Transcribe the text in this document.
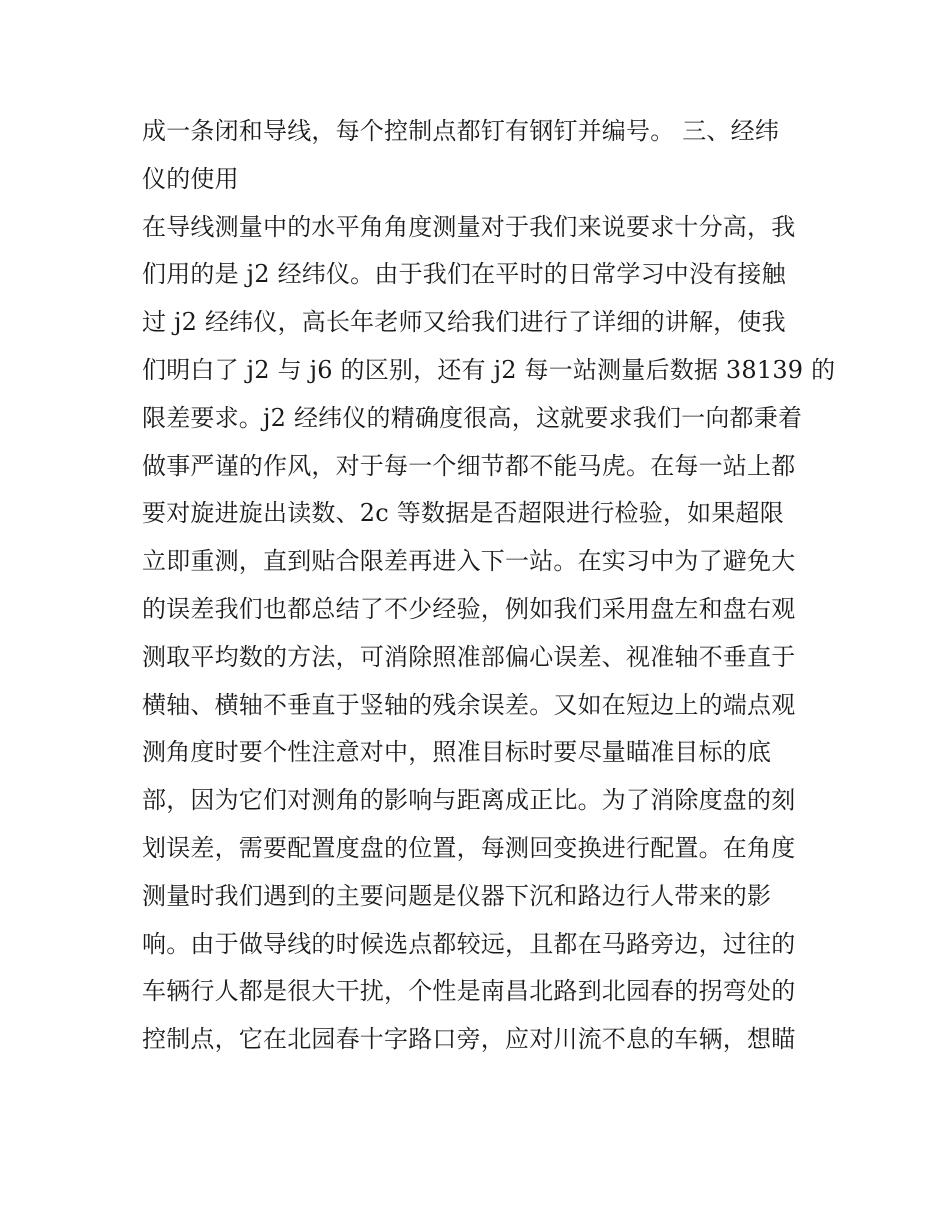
成一条闭和导线，每个控制点都钉有钢钉并编号。 三、经纬
仪的使用
在导线测量中的水平角角度测量对于我们来说要求十分高，我
们用的是 j2 经纬仪。由于我们在平时的日常学习中没有接触
过 j2 经纬仪，高长年老师又给我们进行了详细的讲解，使我
们明白了 j2 与 j6 的区别，还有 j2 每一站测量后数据 38139 的
限差要求。j2 经纬仪的精确度很高，这就要求我们一向都秉着
做事严谨的作风，对于每一个细节都不能马虎。在每一站上都
要对旋进旋出读数、2c 等数据是否超限进行检验，如果超限
立即重测，直到贴合限差再进入下一站。在实习中为了避免大
的误差我们也都总结了不少经验，例如我们采用盘左和盘右观
测取平均数的方法，可消除照准部偏心误差、视准轴不垂直于
横轴、横轴不垂直于竖轴的残余误差。又如在短边上的端点观
测角度时要个性注意对中，照准目标时要尽量瞄准目标的底
部，因为它们对测角的影响与距离成正比。为了消除度盘的刻
划误差，需要配置度盘的位置，每测回变换进行配置。在角度
测量时我们遇到的主要问题是仪器下沉和路边行人带来的影
响。由于做导线的时候选点都较远，且都在马路旁边，过往的
车辆行人都是很大干扰，个性是南昌北路到北园春的拐弯处的
控制点，它在北园春十字路口旁，应对川流不息的车辆，想瞄
